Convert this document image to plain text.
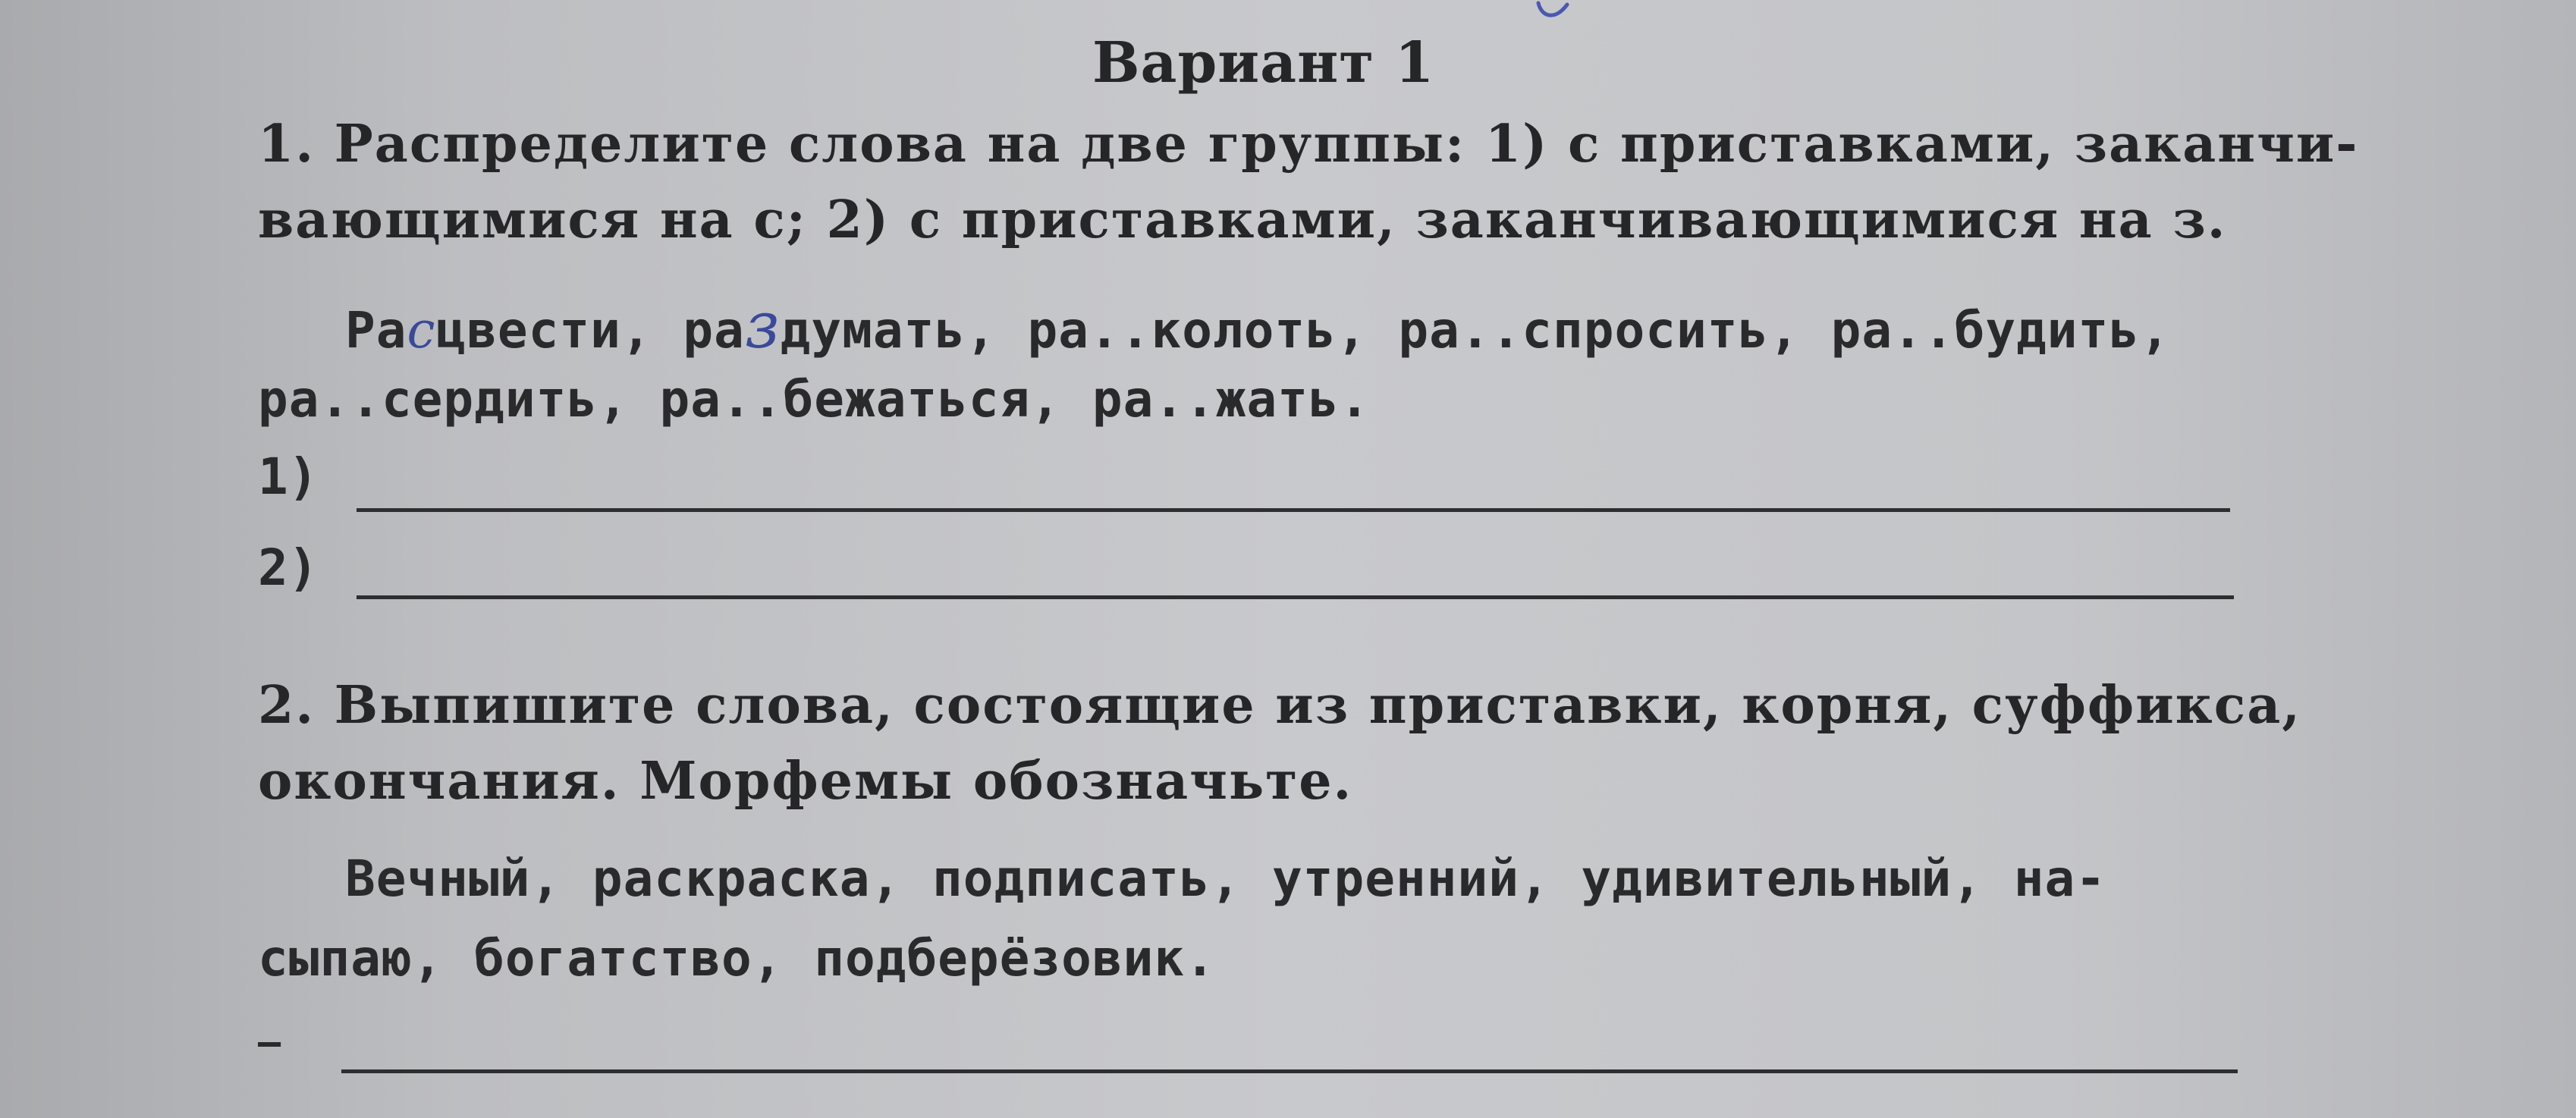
Вариант 1
1. Распределите слова на две группы: 1) с приставками, заканчи-
вающимися на с; 2) с приставками, заканчивающимися на з.
Расцвести, раздумать, ра..колоть, ра..спросить, ра..будить,
ра..сердить, ра..бежаться, ра..жать.
1)
2)
2. Выпишите слова, состоящие из приставки, корня, суффикса,
окончания. Морфемы обозначьте.
Вечный, раскраска, подписать, утренний, удивительный, на-
сыпаю, богатство, подберёзовик.
–
